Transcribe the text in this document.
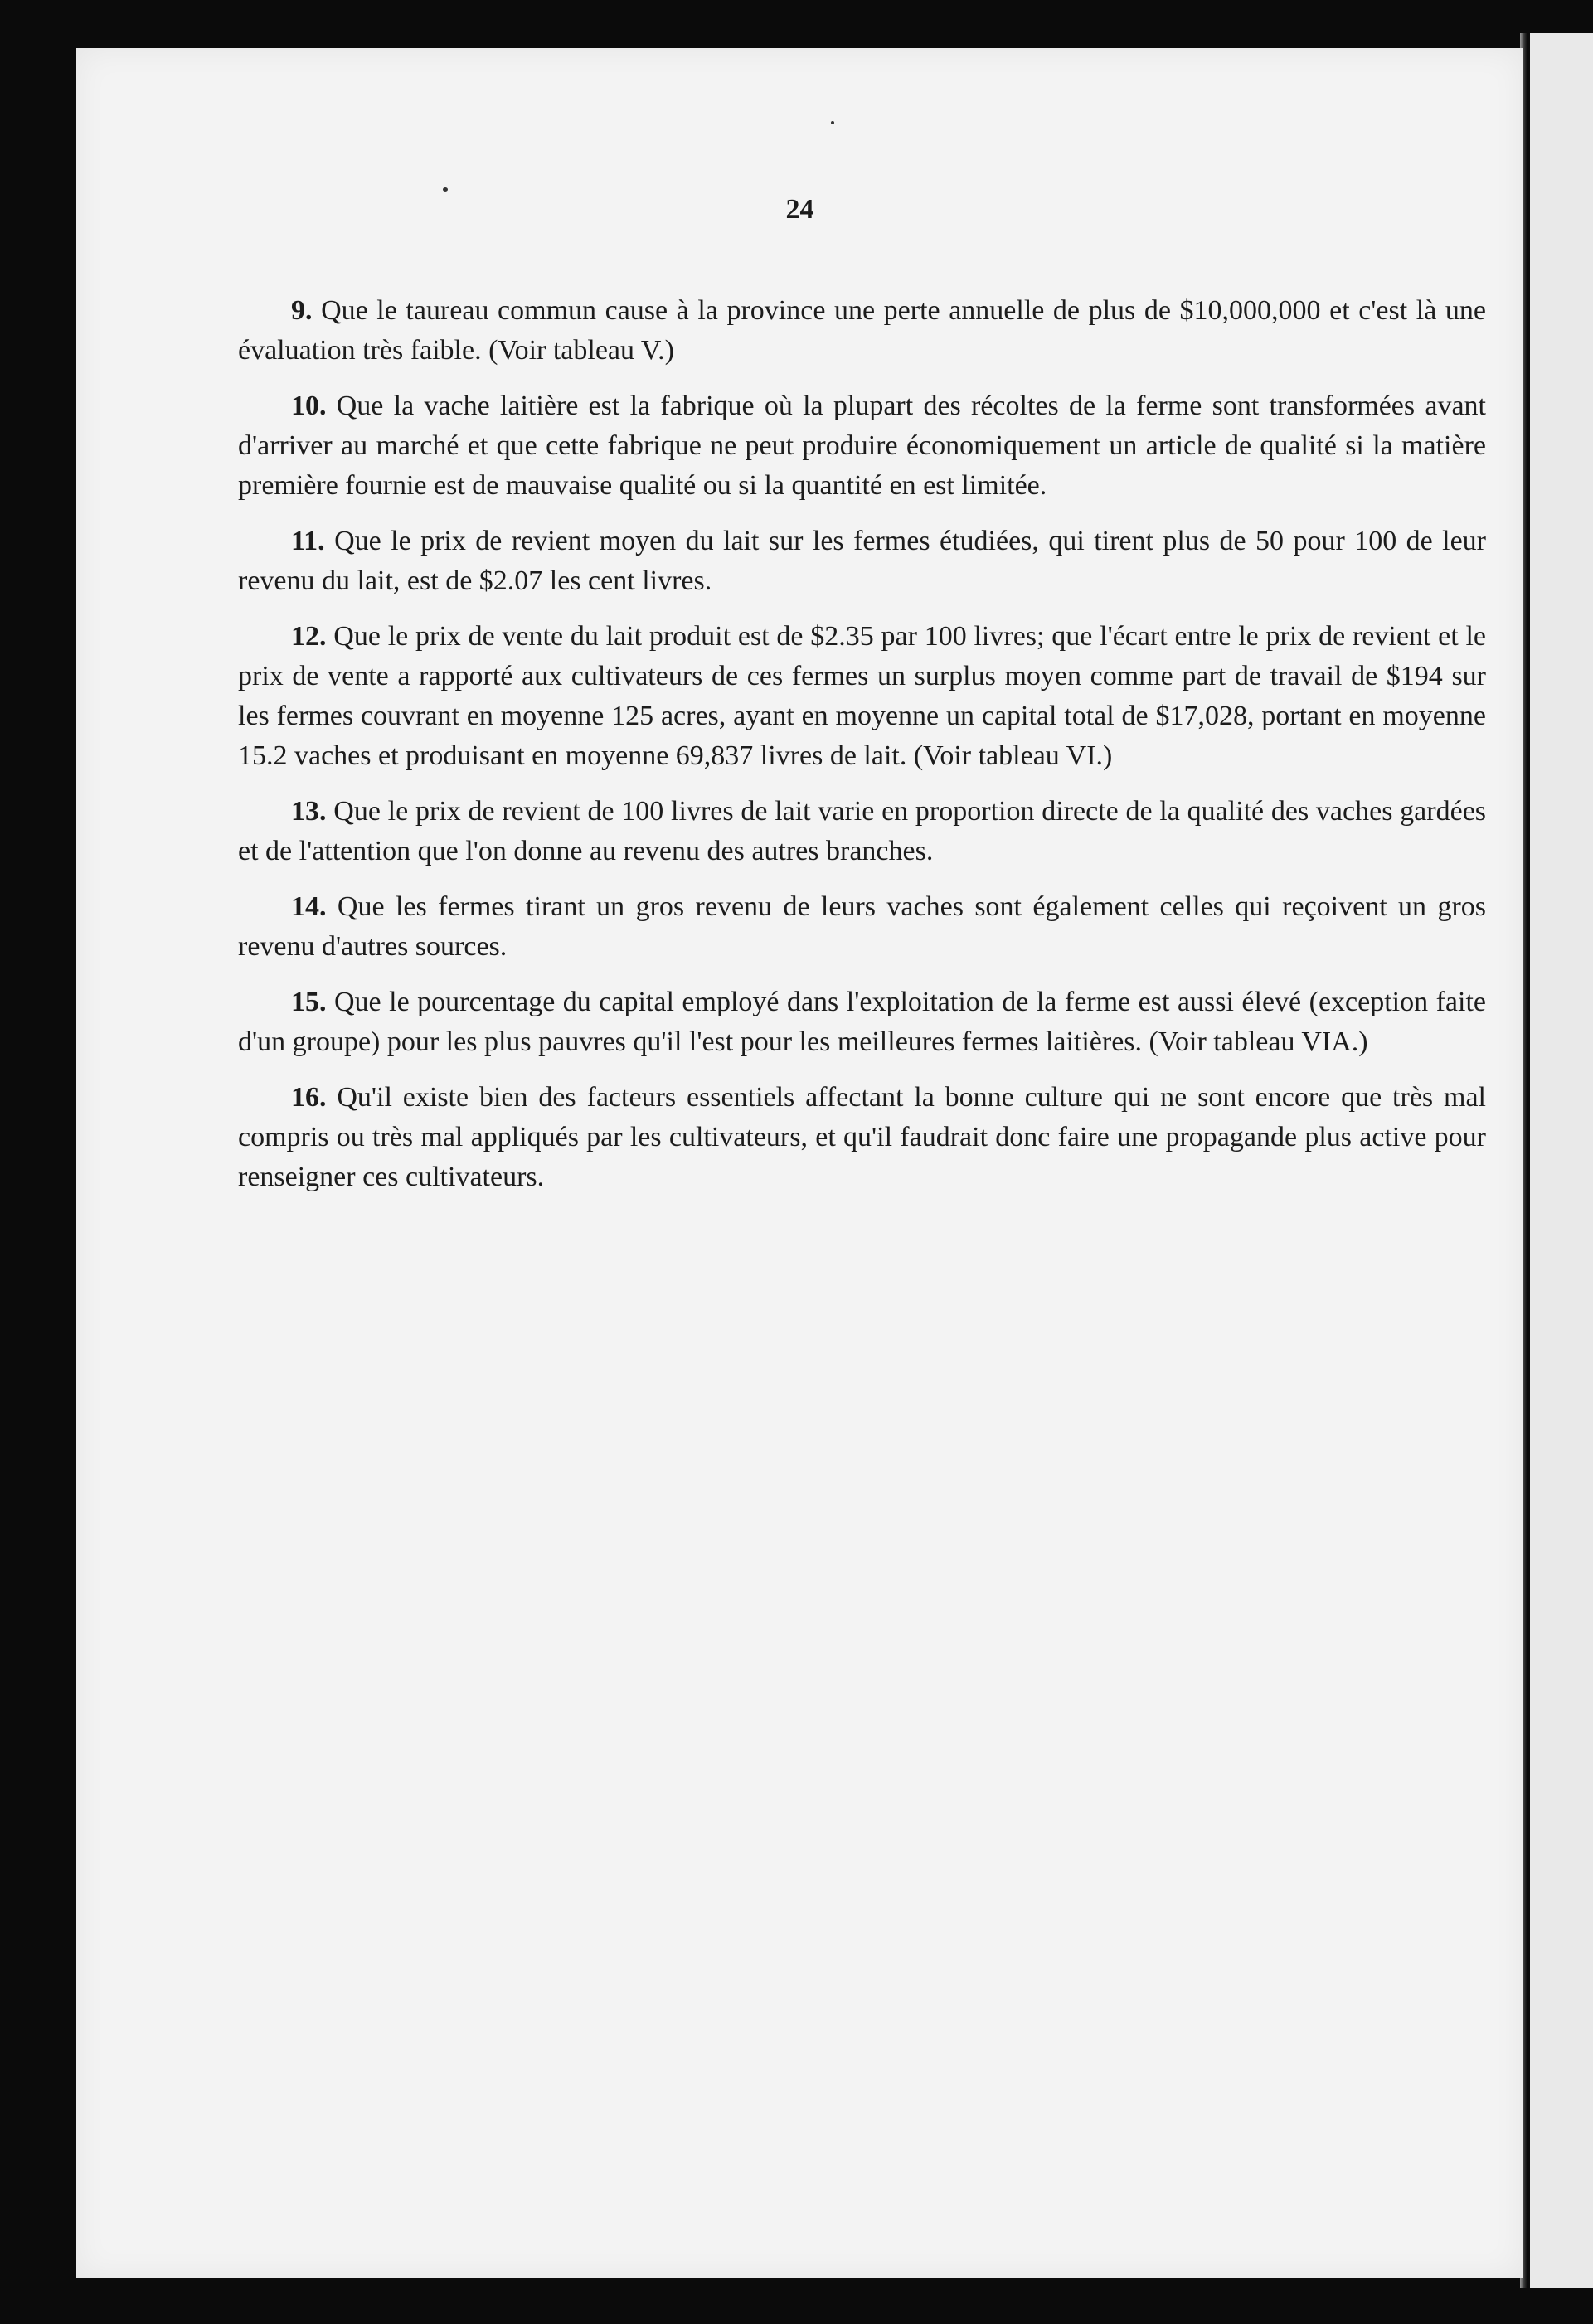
24

9. Que le taureau commun cause à la province une perte annuelle de plus de $10,000,000 et c'est là une évaluation très faible. (Voir tableau V.)

10. Que la vache laitière est la fabrique où la plupart des récoltes de la ferme sont transformées avant d'arriver au marché et que cette fabrique ne peut produire économiquement un article de qualité si la matière première fournie est de mauvaise qualité ou si la quantité en est limitée.

11. Que le prix de revient moyen du lait sur les fermes étudiées, qui tirent plus de 50 pour 100 de leur revenu du lait, est de $2.07 les cent livres.

12. Que le prix de vente du lait produit est de $2.35 par 100 livres; que l'écart entre le prix de revient et le prix de vente a rapporté aux cultivateurs de ces fermes un surplus moyen comme part de travail de $194 sur les fermes couvrant en moyenne 125 acres, ayant en moyenne un capital total de $17,028, portant en moyenne 15.2 vaches et produisant en moyenne 69,837 livres de lait. (Voir tableau VI.)

13. Que le prix de revient de 100 livres de lait varie en proportion directe de la qualité des vaches gardées et de l'attention que l'on donne au revenu des autres branches.

14. Que les fermes tirant un gros revenu de leurs vaches sont également celles qui reçoivent un gros revenu d'autres sources.

15. Que le pourcentage du capital employé dans l'exploitation de la ferme est aussi élevé (exception faite d'un groupe) pour les plus pauvres qu'il l'est pour les meilleures fermes laitières. (Voir tableau VIA.)

16. Qu'il existe bien des facteurs essentiels affectant la bonne culture qui ne sont encore que très mal compris ou très mal appliqués par les cultivateurs, et qu'il faudrait donc faire une propagande plus active pour renseigner ces cultivateurs.
